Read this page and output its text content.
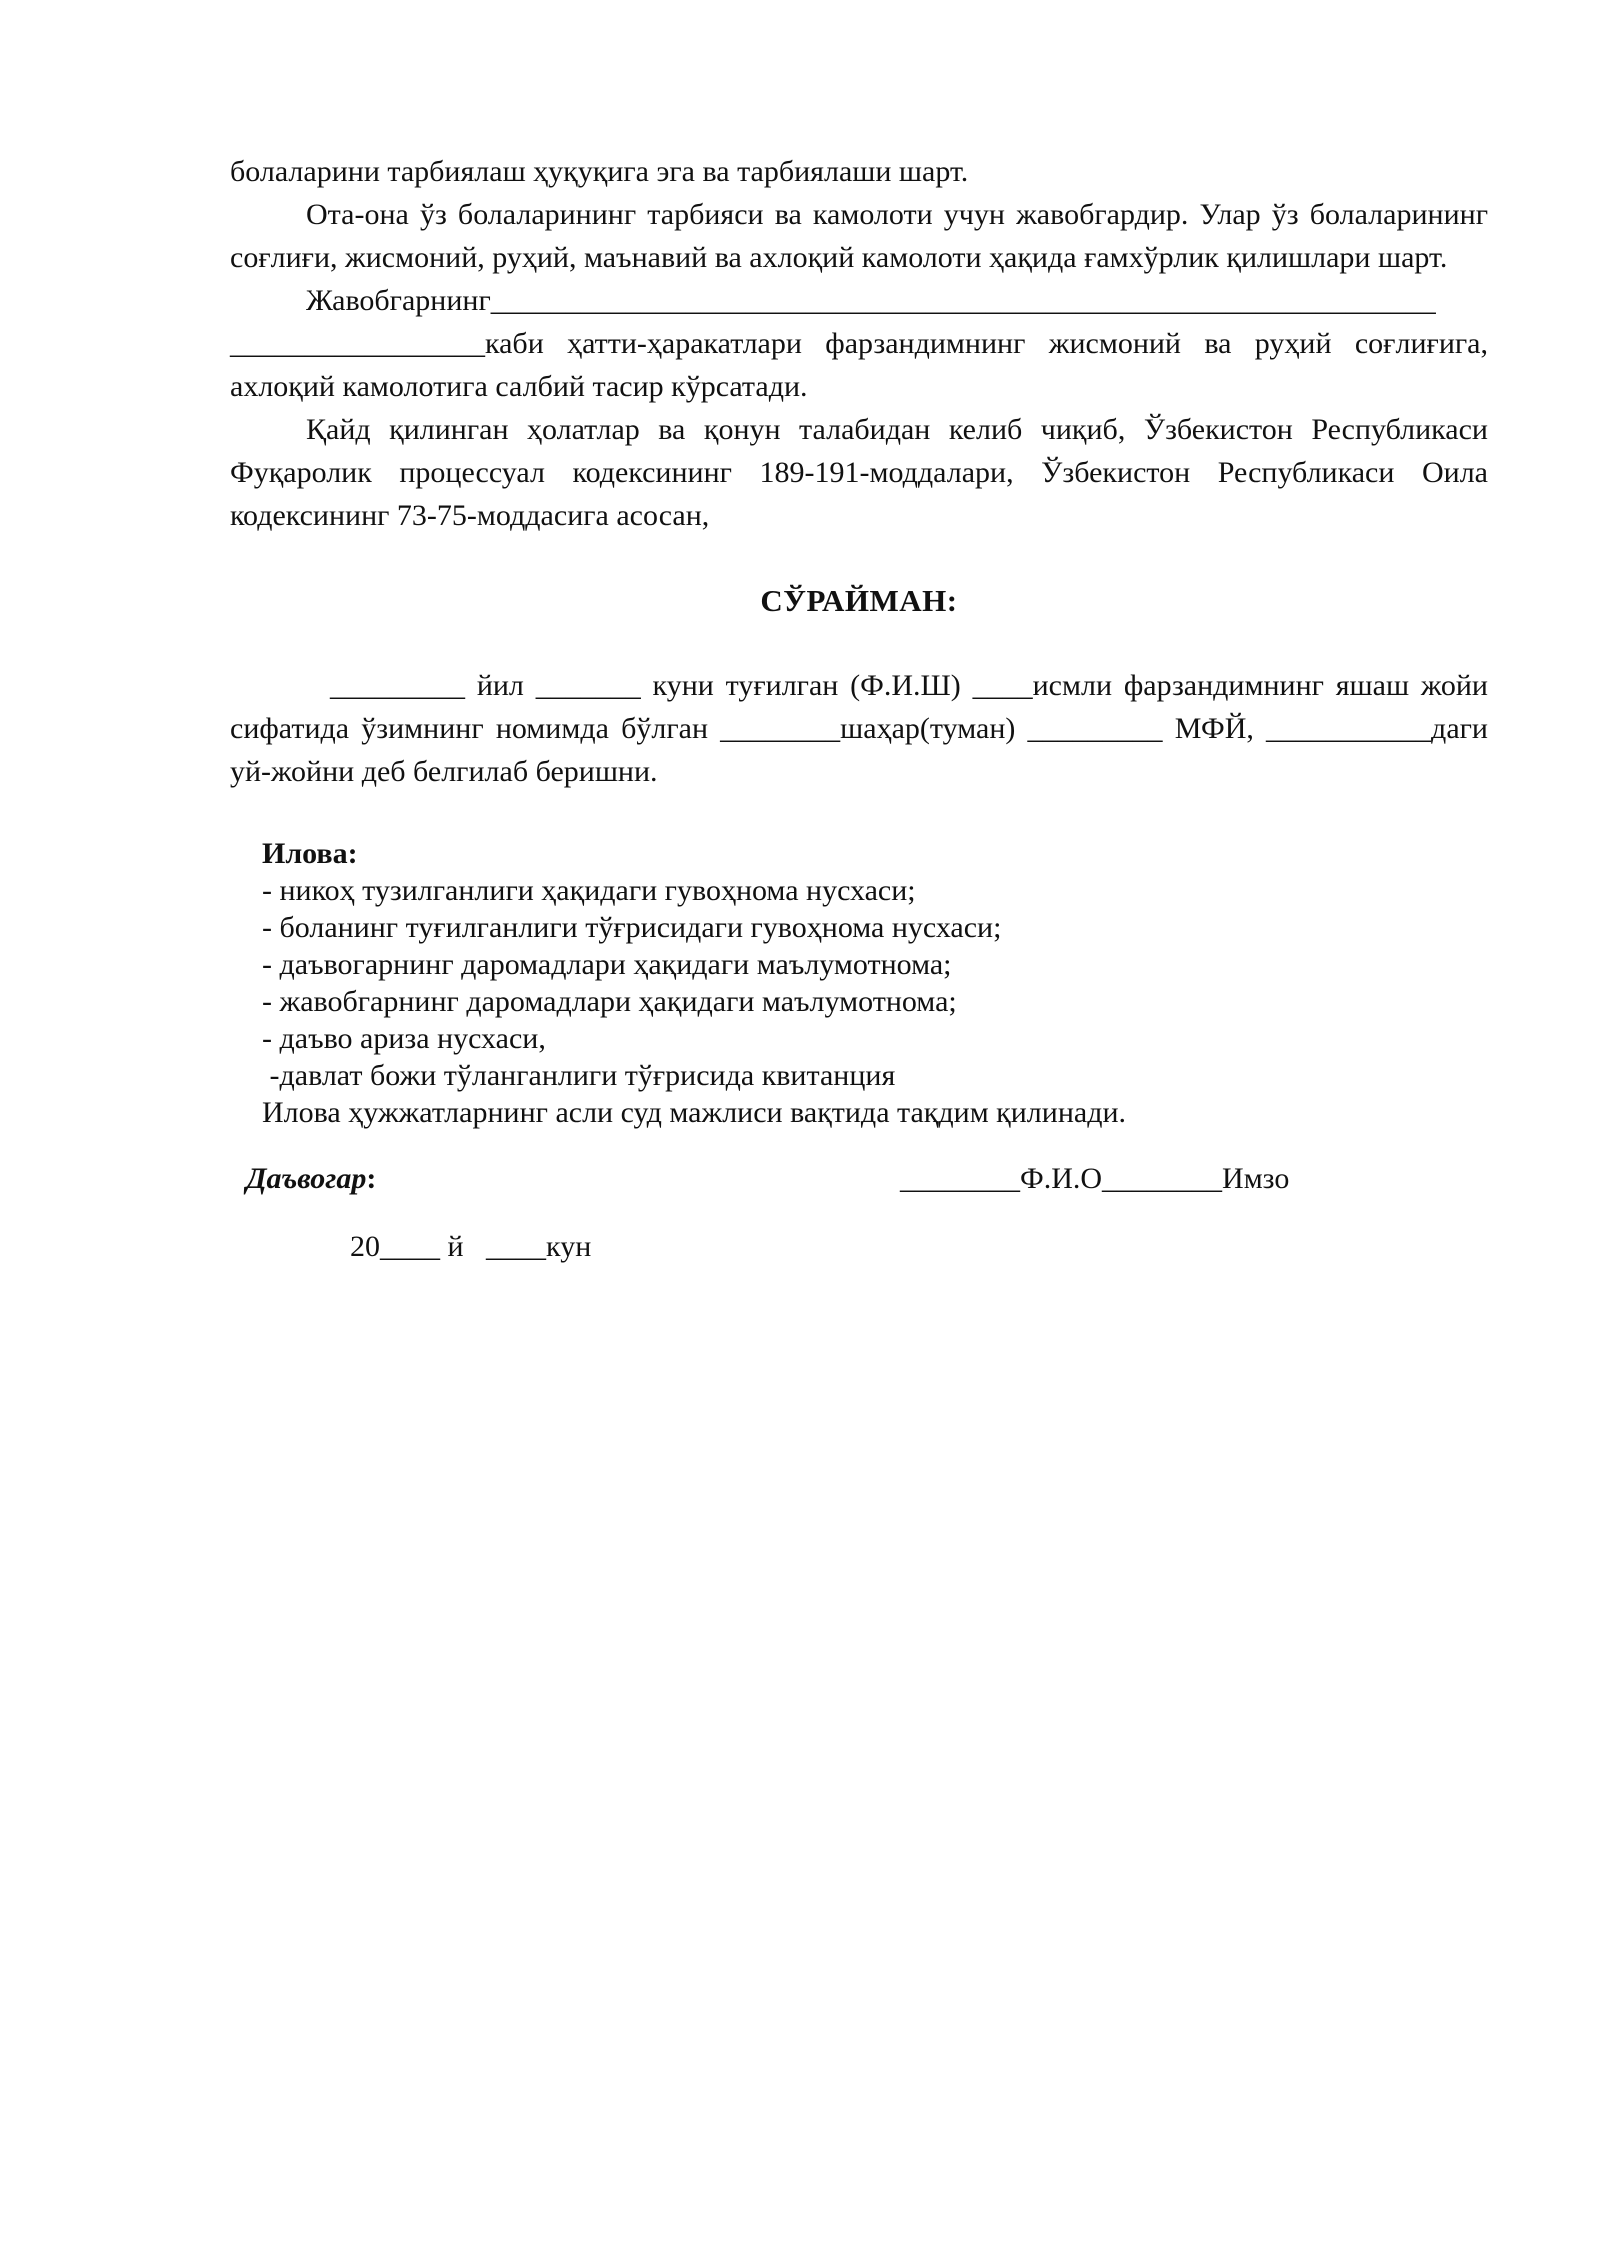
болаларини тарбиялаш ҳуқуқига эга ва тарбиялаши шарт.

Ота-она ўз болаларининг тарбияси ва камолоти учун жавобгардир. Улар ўз болаларининг соғлиғи, жисмоний, руҳий, маънавий ва ахлоқий камолоти ҳақида ғамхўрлик қилишлари шарт.

Жавобгарнинг_______________________________________________________________

_________________каби ҳатти-ҳаракатлари фарзандимнинг жисмоний ва руҳий соғлиғига, ахлоқий камолотига салбий тасир кўрсатади.

Қайд қилинган ҳолатлар ва қонун талабидан келиб чиқиб, Ўзбекистон Республикаси Фуқаролик процессуал кодексининг 189-191-моддалари, Ўзбекистон Республикаси Оила кодексининг 73-75-моддасига асосан,

СЎРАЙМАН:

_________ йил _______ куни туғилган (Ф.И.Ш) ____исмли фарзандимнинг яшаш жойи сифатида ўзимнинг номимда бўлган ________шаҳар(туман) _________ МФЙ, ___________даги уй-жойни деб белгилаб беришни.

Илова:
- никоҳ тузилганлиги ҳақидаги гувоҳнома нусхаси;
- боланинг туғилганлиги тўғрисидаги гувоҳнома нусхаси;
- даъвогарнинг даромадлари ҳақидаги маълумотнома;
- жавобгарнинг даромадлари ҳақидаги маълумотнома;
- даъво ариза нусхаси,
-давлат божи тўланганлиги тўғрисида квитанция
Илова ҳужжатларнинг асли суд мажлиси вақтида тақдим қилинади.
Даъвогар:	________Ф.И.О________Имзо
20____ й   ____кун
